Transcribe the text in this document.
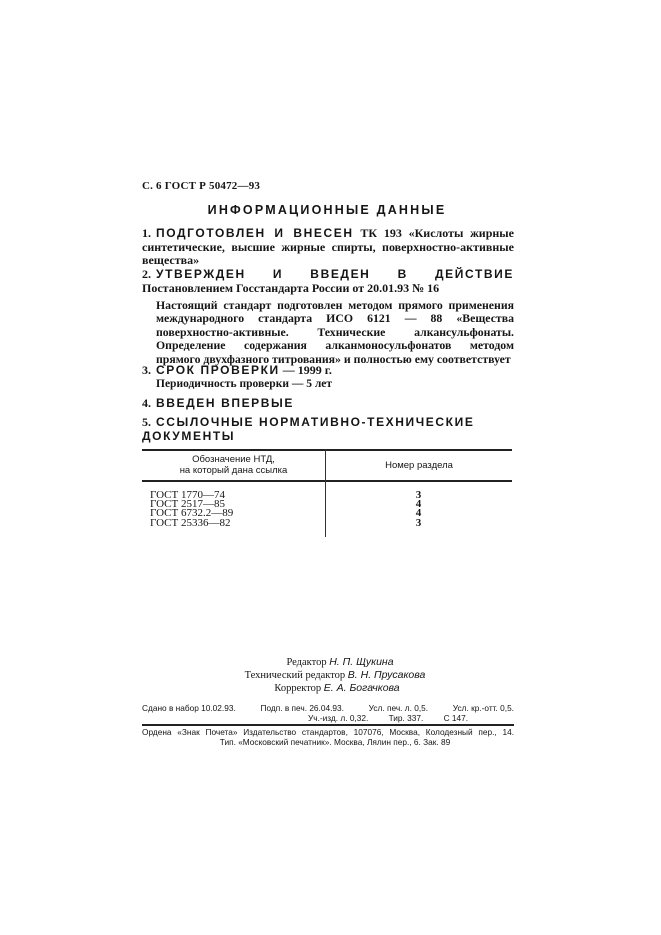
С. 6 ГОСТ Р 50472—93
ИНФОРМАЦИОННЫЕ ДАННЫЕ
1. ПОДГОТОВЛЕН И ВНЕСЕН ТК 193 «Кислоты жирные синтетические, высшие жирные спирты, поверхностно-активные вещества»
2. УТВЕРЖДЕН И ВВЕДЕН В ДЕЙСТВИЕ Постановлением Госстандарта России от 20.01.93 № 16
Настоящий стандарт подготовлен методом прямого применения международного стандарта ИСО 6121 — 88 «Вещества поверхностно-активные. Технические алкансульфонаты. Определение содержания алканмоносульфонатов методом прямого двухфазного титрования» и полностью ему соответствует
3. СРОК ПРОВЕРКИ — 1999 г.
Периодичность проверки — 5 лет
4. ВВЕДЕН ВПЕРВЫЕ
5. ССЫЛОЧНЫЕ НОРМАТИВНО-ТЕХНИЧЕСКИЕ ДОКУМЕНТЫ
Обозначение НТД,
на который дана ссылка	Номер раздела
ГОСТ 1770—74	3
ГОСТ 2517—85	4
ГОСТ 6732.2—89	4
ГОСТ 25336—82	3
Редактор Н. П. Щукина
Технический редактор В. Н. Прусакова
Корректор Е. А. Богачкова
Сдано в набор 10.02.93.	Подп. в печ. 26.04.93.	Усл. печ. л. 0,5.	Усл. кр.-отт. 0,5.
Уч.-изд. л. 0,32. Тир. 337. С 147.
Ордена «Знак Почета» Издательство стандартов, 107076, Москва, Колодезный пер., 14.
Тип. «Московский печатник». Москва, Лялин пер., 6. Зак. 89
